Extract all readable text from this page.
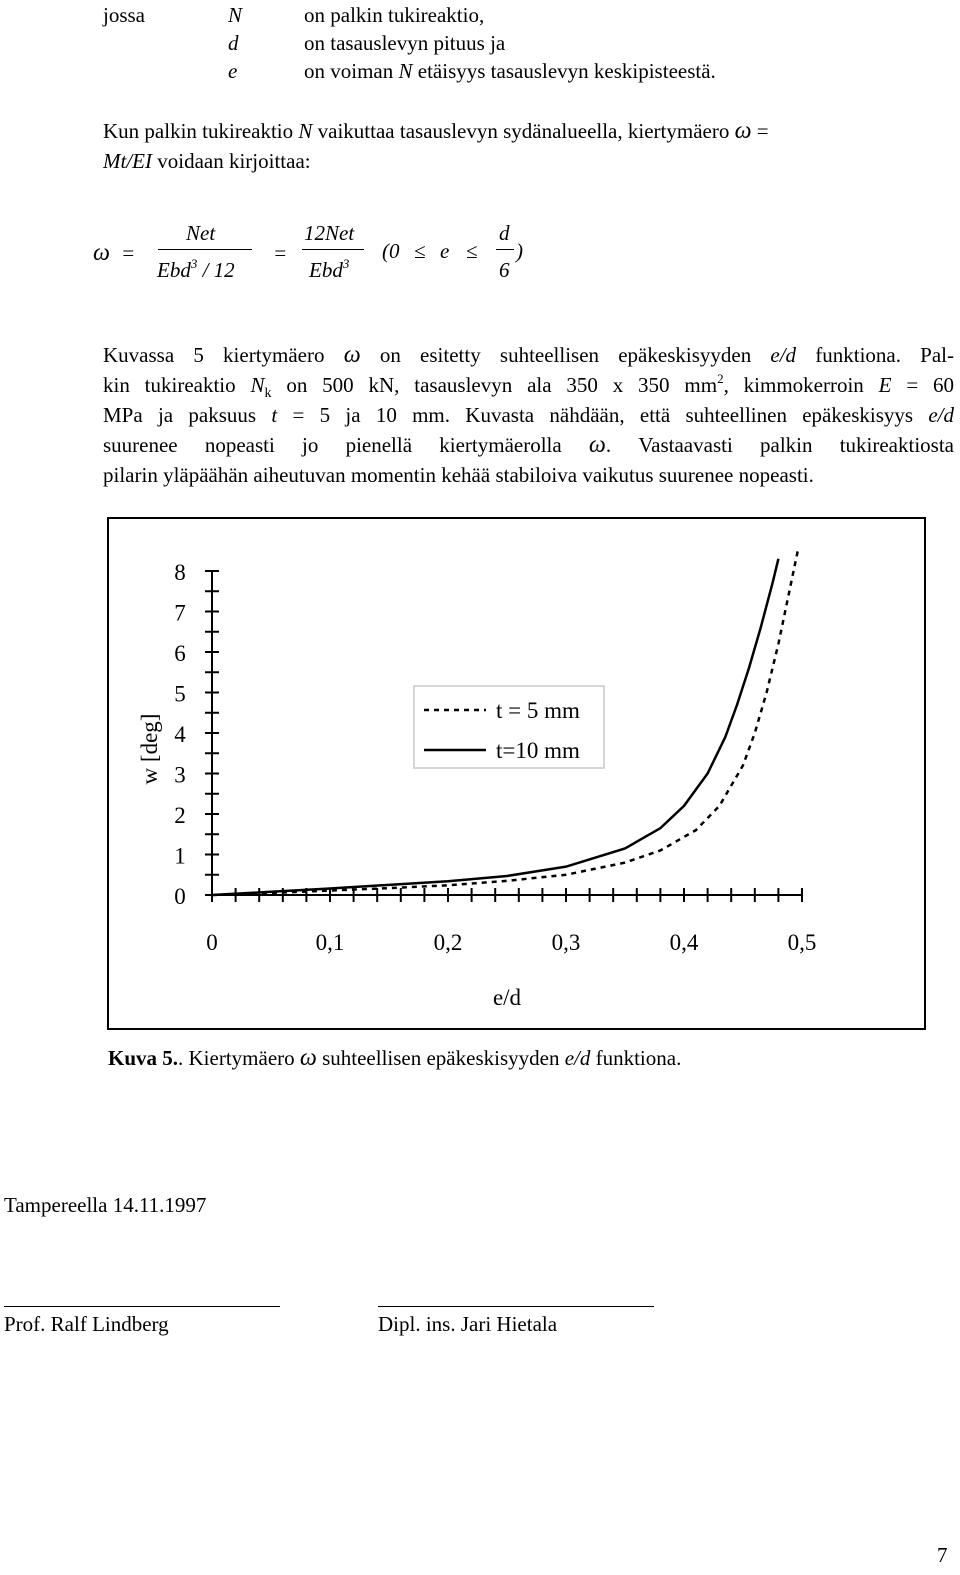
jossa	N	on palkin tukireaktio,
d	on tasauslevyn pituus ja
e	on voiman N etäisyys tasauslevyn keskipisteestä.
Kun palkin tukireaktio N vaikuttaa tasauslevyn sydänalueella, kiertymäero ω =
Mt/EI voidaan kirjoittaa:
ω =
Net
Ebd$^3$ / 12
=
12Net
Ebd$^3$
(0 ≤ e ≤
d
6
)
Kuvassa 5 kiertymäero ω on esitetty suhteellisen epäkeskisyyden e/d funktiona. Pal-
kin tukireaktio $N_k$ on 500 kN, tasauslevyn ala 350 x 350 $mm^2$, kimmokerroin E = 60
MPa ja paksuus t = 5 ja 10 mm. Kuvasta nähdään, että suhteellinen epäkeskisyys e/d
suurenee nopeasti jo pienellä kiertymäerolla ω. Vastaavasti palkin tukireaktiosta
pilarin yläpäähän aiheutuvan momentin kehää stabiloiva vaikutus suurenee nopeasti.
0
1
2
3
4
5
6
7
8
0	0,1	0,2	0,3	0,4	0,5
e/d
w [deg]
t = 5 mm
t=10 mm
Kuva 5.. Kiertymäero ω suhteellisen epäkeskisyyden e/d funktiona.
Tampereella 14.11.1997
Prof. Ralf Lindberg	Dipl. ins. Jari Hietala
7
